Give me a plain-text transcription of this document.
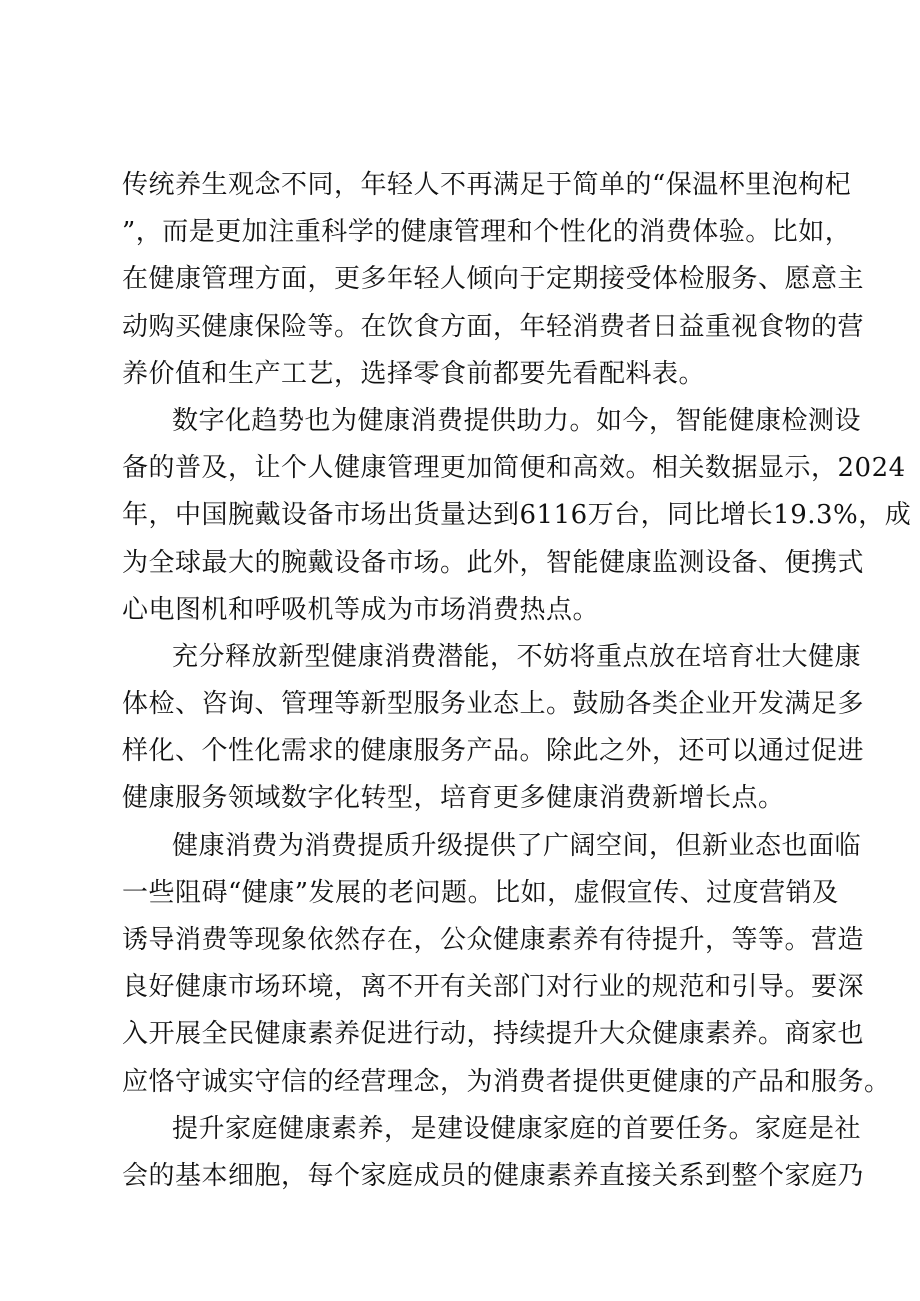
传统养生观念不同，年轻人不再满足于简单的“保温杯里泡枸杞
”，而是更加注重科学的健康管理和个性化的消费体验。比如，
在健康管理方面，更多年轻人倾向于定期接受体检服务、愿意主
动购买健康保险等。在饮食方面，年轻消费者日益重视食物的营
养价值和生产工艺，选择零食前都要先看配料表。
数字化趋势也为健康消费提供助力。如今，智能健康检测设
备的普及，让个人健康管理更加简便和高效。相关数据显示，2024
年，中国腕戴设备市场出货量达到6116万台，同比增长19.3%，成
为全球最大的腕戴设备市场。此外，智能健康监测设备、便携式
心电图机和呼吸机等成为市场消费热点。
充分释放新型健康消费潜能，不妨将重点放在培育壮大健康
体检、咨询、管理等新型服务业态上。鼓励各类企业开发满足多
样化、个性化需求的健康服务产品。除此之外，还可以通过促进
健康服务领域数字化转型，培育更多健康消费新增长点。
健康消费为消费提质升级提供了广阔空间，但新业态也面临
一些阻碍“健康”发展的老问题。比如，虚假宣传、过度营销及
诱导消费等现象依然存在，公众健康素养有待提升，等等。营造
良好健康市场环境，离不开有关部门对行业的规范和引导。要深
入开展全民健康素养促进行动，持续提升大众健康素养。商家也
应恪守诚实守信的经营理念，为消费者提供更健康的产品和服务。
提升家庭健康素养，是建设健康家庭的首要任务。家庭是社
会的基本细胞，每个家庭成员的健康素养直接关系到整个家庭乃
